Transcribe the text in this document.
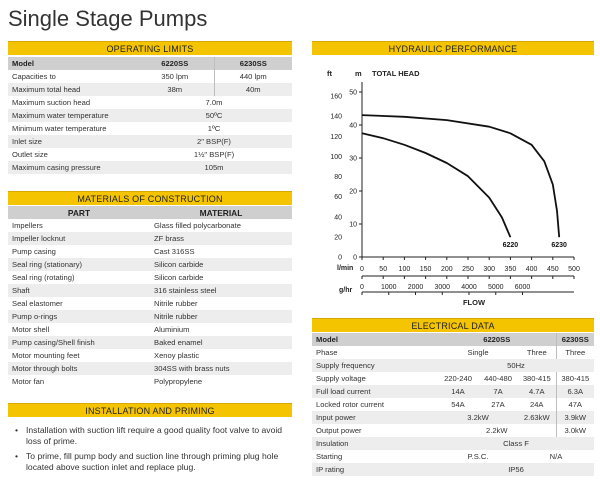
Single Stage Pumps
OPERATING LIMITS
Model	6220SS	6230SS
Capacities to	350 lpm	440 lpm
Maximum total head	38m	40m
Maximum suction head	7.0m	
Maximum water temperature	50ºC	
Minimum water temperature	1ºC	
Inlet size	2" BSP(F)	
Outlet size	1½" BSP(F)	
Maximum casing pressure	105m	
MATERIALS OF CONSTRUCTION
PART	MATERIAL
Impellers	Glass filled polycarbonate
Impeller locknut	ZF brass
Pump casing	Cast 316SS
Seal ring (stationary)	Silicon carbide
Seal ring (rotating)	Silicon carbide
Shaft	316 stainless steel
Seal elastomer	Nitrile rubber
Pump o-rings	Nitrile rubber
Motor shell	Aluminium
Pump casing/Shell finish	Baked enamel
Motor mounting feet	Xenoy plastic
Motor through bolts	304SS with brass nuts
Motor fan	Polypropylene
INSTALLATION AND PRIMING
• Installation with suction lift require a good quality foot valve to avoid loss of prime.
• To prime, fill pump body and suction line through priming plug hole located above suction inlet and replace plug.
HYDRAULIC PERFORMANCE
ft	m TOTAL HEAD
l/min
g/hr
FLOW
50
40
30
20
10
0
160
140
120
100
80
60
40
20
0
0 50 100 150 200 250 300 350 400 450 500
0 1000 2000 3000 4000 5000 6000
6220	6230
ELECTRICAL DATA
Model	6220SS			6230SS
Phase	Single		Three	Three
Supply frequency	50Hz			
Supply voltage	220-240	440-480	380-415	380-415
Full load current	14A	7A	4.7A	6.3A
Locked rotor current	54A	27A	24A	47A
Input power	3.2kW		2.63kW	3.9kW
Output power	2.2kW			3.0kW
Insulation	Class F			
Starting	P.S.C.		N/A	
IP rating	IP56			
